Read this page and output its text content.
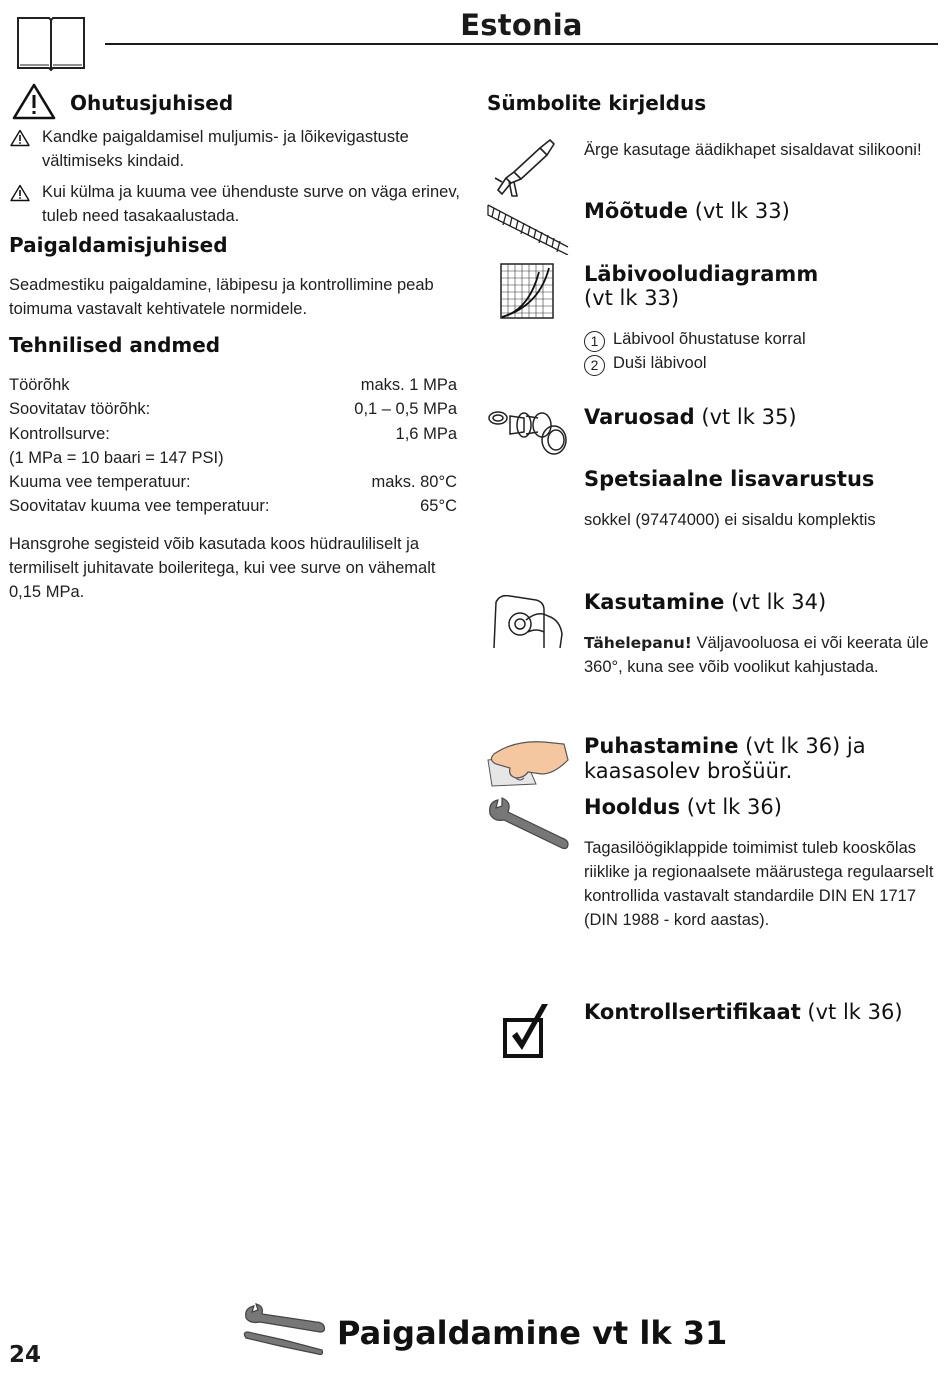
Estonia
Ohutusjuhised
Kandke paigaldamisel muljumis- ja lõikevigastuste vältimiseks kindaid.
Kui külma ja kuuma vee ühenduste surve on väga erinev, tuleb need tasakaalustada.
Paigaldamisjuhised
Seadmestiku paigaldamine, läbipesu ja kontrollimine peab toimuma vastavalt kehtivatele normidele.
Tehnilised andmed
Töörõhk	maks. 1 MPa
Soovitatav töörõhk:	0,1 – 0,5 MPa
Kontrollsurve:	1,6 MPa
(1 MPa = 10 baari = 147 PSI)
Kuuma vee temperatuur:	maks. 80°C
Soovitatav kuuma vee temperatuur:	65°C
Hansgrohe segisteid võib kasutada koos hüdrauliliselt ja termiliselt juhitavate boileritega, kui vee surve on vähemalt 0,15 MPa.
Sümbolite kirjeldus
Ärge kasutage äädikhapet sisaldavat silikooni!
Mõõtude (vt lk 33)
Läbivooludiagramm
(vt lk 33)
1 Läbivool õhustatuse korral
2 Duši läbivool
Varuosad (vt lk 35)
Spetsiaalne lisavarustus
sokkel (97474000) ei sisaldu komplektis
Kasutamine (vt lk 34)
Tähelepanu! Väljavooluosa ei või keerata üle 360°, kuna see võib voolikut kahjustada.
Puhastamine (vt lk 36) ja kaasasolev brošüür.
Hooldus (vt lk 36)
Tagasilöögiklappide toimimist tuleb kooskõlas riiklike ja regionaalsete määrustega regulaarselt kontrollida vastavalt standardile DIN EN 1717 (DIN 1988 - kord aastas).
Kontrollsertifikaat (vt lk 36)
24
Paigaldamine vt lk 31
